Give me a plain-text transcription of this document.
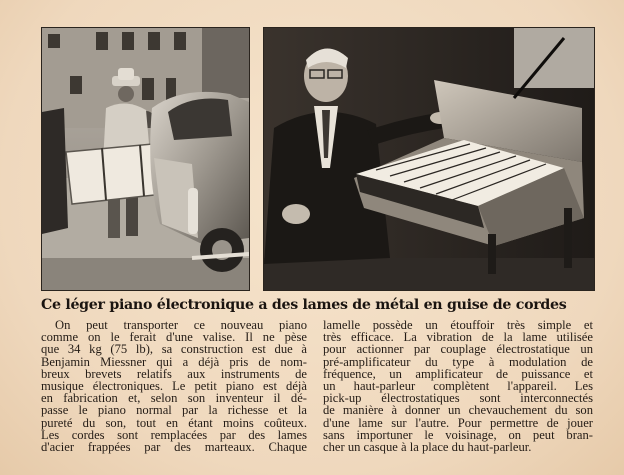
Ce léger piano électronique a des lames de métal en guise de cordes
On peut transporter ce nouveau piano
comme on le ferait d'une valise. Il ne pèse
que 34 kg (75 lb), sa construction est due à
Benjamin Miessner qui a déjà pris de nom-
breux brevets relatifs aux instruments de
musique électroniques. Le petit piano est déjà
en fabrication et, selon son inventeur il dé-
passe le piano normal par la richesse et la
pureté du son, tout en étant moins coûteux.
Les cordes sont remplacées par des lames
d'acier frappées par des marteaux. Chaque
lamelle possède un étouffoir très simple et
très efficace. La vibration de la lame utilisée
pour actionner par couplage électrostatique un
pré-amplificateur du type à modulation de
fréquence, un amplificateur de puissance et
un haut-parleur complètent l'appareil. Les
pick-up électrostatiques sont interconnectés
de manière à donner un chevauchement du son
d'une lame sur l'autre. Pour permettre de jouer
sans importuner le voisinage, on peut bran-
cher un casque à la place du haut-parleur.
